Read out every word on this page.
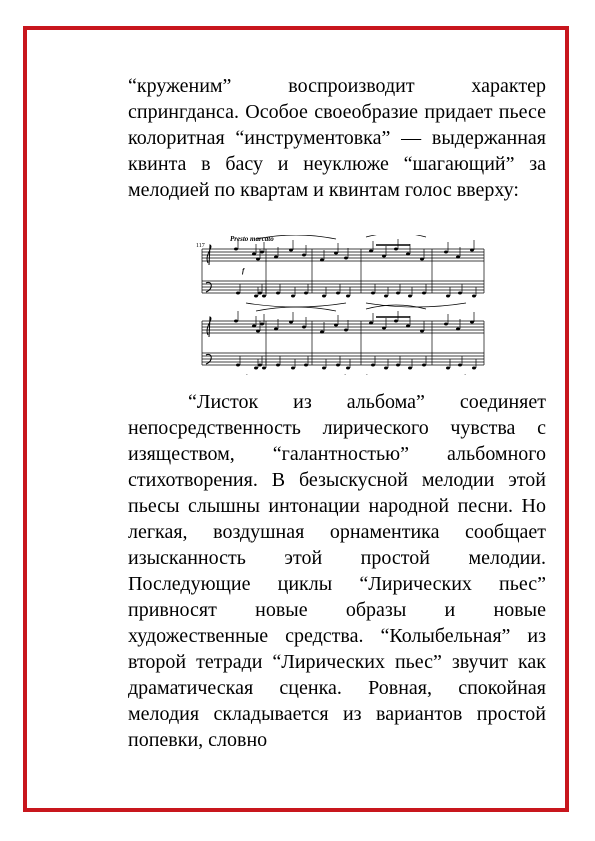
“круженим” воспроизводит характер спрингданса. Особое своеобразие придает пьесе колоритная “инструментовка” — выдержанная квинта в басу и неуклюже “шагающий” за мелодией по квартам и квинтам голос вверху:

Presto marcato
117
f

“Листок из альбома” соединяет непосредственность лирического чувства с изяществом, “галантностью” альбомного стихотворения. В безыскусной мелодии этой пьесы слышны интонации народной песни. Но легкая, воздушная орнаментика сообщает изысканность этой простой мелодии. Последующие циклы “Лирических пьес” привносят новые образы и новые художественные средства. “Колыбельная” из второй тетради “Лирических пьес” звучит как драматическая сценка. Ровная, спокойная мелодия складывается из вариантов простой попевки, словно
